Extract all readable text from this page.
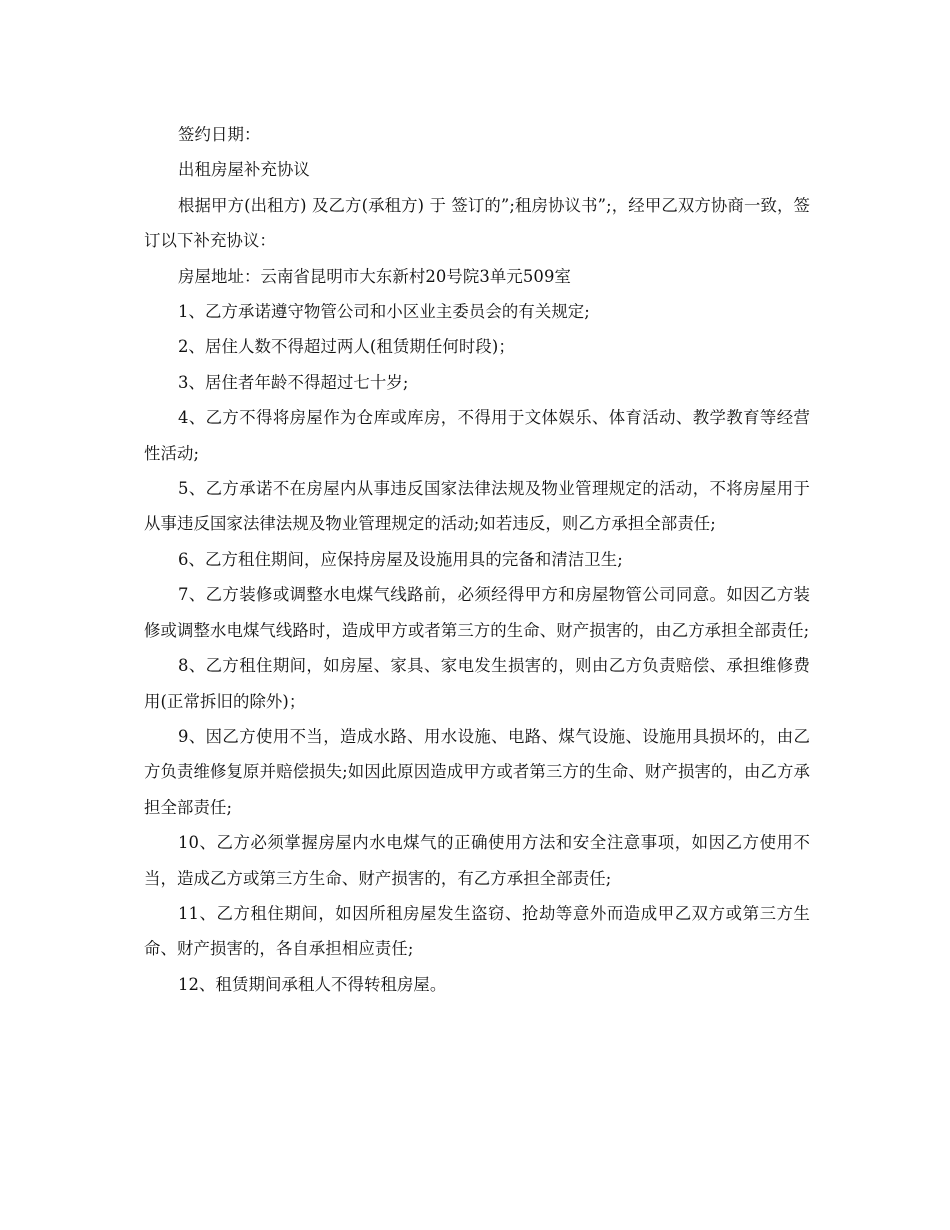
签约日期：

出租房屋补充协议

根据甲方(出租方) 及乙方(承租方) 于 签订的”;租房协议书”;，经甲乙双方协商一致，签订以下补充协议：

房屋地址：云南省昆明市大东新村20号院3单元509室

1、乙方承诺遵守物管公司和小区业主委员会的有关规定;

2、居住人数不得超过两人(租赁期任何时段)；

3、居住者年龄不得超过七十岁;

4、乙方不得将房屋作为仓库或库房，不得用于文体娱乐、体育活动、教学教育等经营性活动;

5、乙方承诺不在房屋内从事违反国家法律法规及物业管理规定的活动，不将房屋用于从事违反国家法律法规及物业管理规定的活动;如若违反，则乙方承担全部责任;

6、乙方租住期间，应保持房屋及设施用具的完备和清洁卫生;

7、乙方装修或调整水电煤气线路前，必须经得甲方和房屋物管公司同意。如因乙方装修或调整水电煤气线路时，造成甲方或者第三方的生命、财产损害的，由乙方承担全部责任;

8、乙方租住期间，如房屋、家具、家电发生损害的，则由乙方负责赔偿、承担维修费用(正常拆旧的除外)；

9、因乙方使用不当，造成水路、用水设施、电路、煤气设施、设施用具损坏的，由乙方负责维修复原并赔偿损失;如因此原因造成甲方或者第三方的生命、财产损害的，由乙方承担全部责任;

10、乙方必须掌握房屋内水电煤气的正确使用方法和安全注意事项，如因乙方使用不当，造成乙方或第三方生命、财产损害的，有乙方承担全部责任;

11、乙方租住期间，如因所租房屋发生盗窃、抢劫等意外而造成甲乙双方或第三方生命、财产损害的，各自承担相应责任;

12、租赁期间承租人不得转租房屋。
